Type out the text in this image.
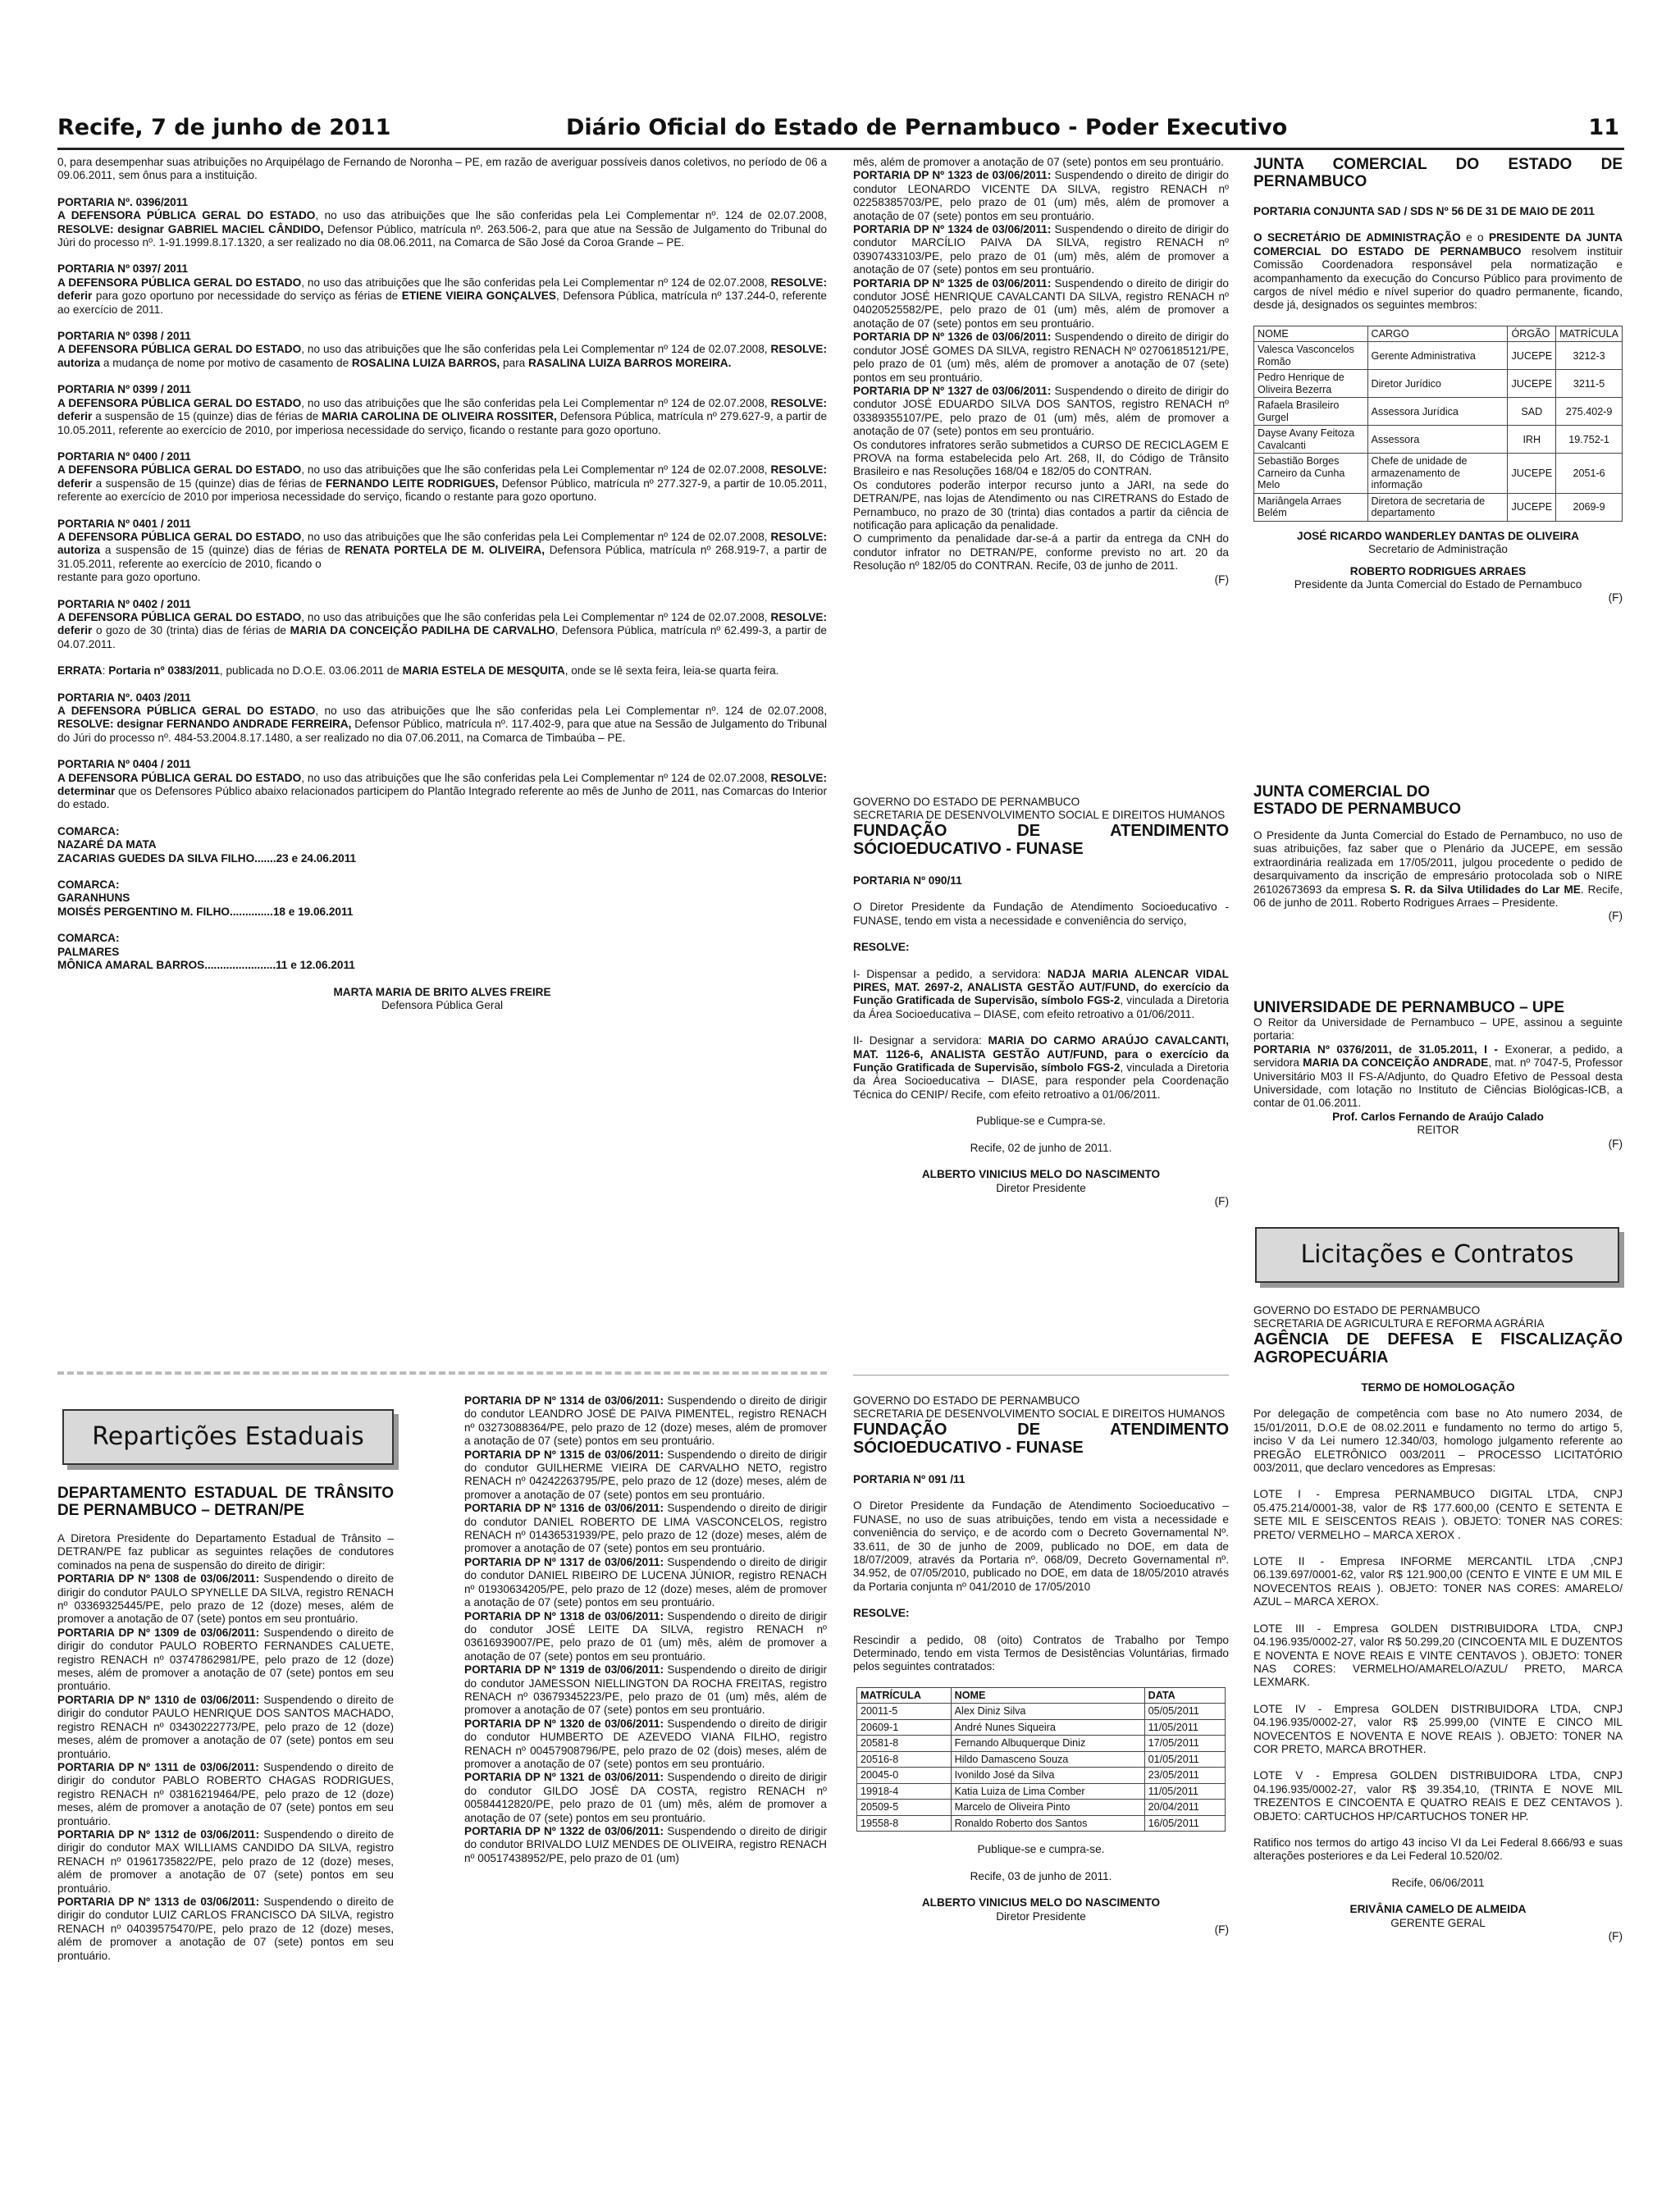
Recife, 7 de junho de 2011	Diário Oficial do Estado de Pernambuco - Poder Executivo	11

0, para desempenhar suas atribuições no Arquipélago de Fernando de Noronha – PE, em razão de averiguar possíveis danos coletivos, no período de 06 a 09.06.2011, sem ônus para a instituição.

PORTARIA Nº. 0396/2011
A DEFENSORA PÚBLICA GERAL DO ESTADO, no uso das atribuições que lhe são conferidas pela Lei Complementar nº. 124 de 02.07.2008, RESOLVE: designar GABRIEL MACIEL CÂNDIDO, Defensor Público, matrícula nº. 263.506-2, para que atue na Sessão de Julgamento do Tribunal do Júri do processo nº. 1-91.1999.8.17.1320, a ser realizado no dia 08.06.2011, na Comarca de São José da Coroa Grande – PE.

PORTARIA Nº 0397/ 2011
A DEFENSORA PÚBLICA GERAL DO ESTADO, no uso das atribuições que lhe são conferidas pela Lei Complementar nº 124 de 02.07.2008, RESOLVE: deferir para gozo oportuno por necessidade do serviço as férias de ETIENE VIEIRA GONÇALVES, Defensora Pública, matrícula nº 137.244-0, referente ao exercício de 2011.

PORTARIA Nº 0398 / 2011
A DEFENSORA PÚBLICA GERAL DO ESTADO, no uso das atribuições que lhe são conferidas pela Lei Complementar nº 124 de 02.07.2008, RESOLVE: autoriza a mudança de nome por motivo de casamento de ROSALINA LUIZA BARROS, para RASALINA LUIZA BARROS MOREIRA.

PORTARIA Nº 0399 / 2011
A DEFENSORA PÚBLICA GERAL DO ESTADO, no uso das atribuições que lhe são conferidas pela Lei Complementar nº 124 de 02.07.2008, RESOLVE: deferir a suspensão de 15 (quinze) dias de férias de MARIA CAROLINA DE OLIVEIRA ROSSITER, Defensora Pública, matrícula nº 279.627-9, a partir de 10.05.2011, referente ao exercício de 2010, por imperiosa necessidade do serviço, ficando o restante para gozo oportuno.

PORTARIA Nº 0400 / 2011
A DEFENSORA PÚBLICA GERAL DO ESTADO, no uso das atribuições que lhe são conferidas pela Lei Complementar nº 124 de 02.07.2008, RESOLVE: deferir a suspensão de 15 (quinze) dias de férias de FERNANDO LEITE RODRIGUES, Defensor Público, matrícula nº 277.327-9, a partir de 10.05.2011, referente ao exercício de 2010 por imperiosa necessidade do serviço, ficando o restante para gozo oportuno.

PORTARIA Nº 0401 / 2011
A DEFENSORA PÚBLICA GERAL DO ESTADO, no uso das atribuições que lhe são conferidas pela Lei Complementar nº 124 de 02.07.2008, RESOLVE: autoriza a suspensão de 15 (quinze) dias de férias de RENATA PORTELA DE M. OLIVEIRA, Defensora Pública, matrícula nº 268.919-7, a partir de 31.05.2011, referente ao exercício de 2010, ficando o
restante para gozo oportuno.

PORTARIA Nº 0402 / 2011
A DEFENSORA PÚBLICA GERAL DO ESTADO, no uso das atribuições que lhe são conferidas pela Lei Complementar nº 124 de 02.07.2008, RESOLVE: deferir o gozo de 30 (trinta) dias de férias de MARIA DA CONCEIÇÃO PADILHA DE CARVALHO, Defensora Pública, matrícula nº 62.499-3, a partir de 04.07.2011.

ERRATA: Portaria nº 0383/2011, publicada no D.O.E. 03.06.2011 de MARIA ESTELA DE MESQUITA, onde se lê sexta feira, leia-se quarta feira.

PORTARIA Nº. 0403 /2011
A DEFENSORA PÚBLICA GERAL DO ESTADO, no uso das atribuições que lhe são conferidas pela Lei Complementar nº. 124 de 02.07.2008, RESOLVE: designar FERNANDO ANDRADE FERREIRA, Defensor Público, matrícula nº. 117.402-9, para que atue na Sessão de Julgamento do Tribunal do Júri do processo nº. 484-53.2004.8.17.1480, a ser realizado no dia 07.06.2011, na Comarca de Timbaúba – PE.

PORTARIA Nº 0404 / 2011
A DEFENSORA PÚBLICA GERAL DO ESTADO, no uso das atribuições que lhe são conferidas pela Lei Complementar nº 124 de 02.07.2008, RESOLVE: determinar que os Defensores Público abaixo relacionados participem do Plantão Integrado referente ao mês de Junho de 2011, nas Comarcas do Interior do estado.

COMARCA:
NAZARÉ DA MATA
ZACARIAS GUEDES DA SILVA FILHO.......23 e 24.06.2011

COMARCA:
GARANHUNS
MOISÉS PERGENTINO M. FILHO..............18 e 19.06.2011

COMARCA:
PALMARES
MÔNICA AMARAL BARROS.......................11 e 12.06.2011

MARTA MARIA DE BRITO ALVES FREIRE
Defensora Pública Geral

Repartições Estaduais

DEPARTAMENTO ESTADUAL DE TRÂNSITO DE PERNAMBUCO – DETRAN/PE

A Diretora Presidente do Departamento Estadual de Trânsito – DETRAN/PE faz publicar as seguintes relações de condutores cominados na pena de suspensão do direito de dirigir:

PORTARIA DP Nº 1308 de 03/06/2011: Suspendendo o direito de dirigir do condutor PAULO SPYNELLE DA SILVA, registro RENACH nº 03369325445/PE, pelo prazo de 12 (doze) meses, além de promover a anotação de 07 (sete) pontos em seu prontuário.

PORTARIA DP Nº 1309 de 03/06/2011: Suspendendo o direito de dirigir do condutor PAULO ROBERTO FERNANDES CALUETE, registro RENACH nº 03747862981/PE, pelo prazo de 12 (doze) meses, além de promover a anotação de 07 (sete) pontos em seu prontuário.

PORTARIA DP Nº 1310 de 03/06/2011: Suspendendo o direito de dirigir do condutor PAULO HENRIQUE DOS SANTOS MACHADO, registro RENACH nº 03430222773/PE, pelo prazo de 12 (doze) meses, além de promover a anotação de 07 (sete) pontos em seu prontuário.

PORTARIA DP Nº 1311 de 03/06/2011: Suspendendo o direito de dirigir do condutor PABLO ROBERTO CHAGAS RODRIGUES, registro RENACH nº 03816219464/PE, pelo prazo de 12 (doze) meses, além de promover a anotação de 07 (sete) pontos em seu prontuário.

PORTARIA DP Nº 1312 de 03/06/2011: Suspendendo o direito de dirigir do condutor MAX WILLIAMS CANDIDO DA SILVA, registro RENACH nº 01961735822/PE, pelo prazo de 12 (doze) meses, além de promover a anotação de 07 (sete) pontos em seu prontuário.

PORTARIA DP Nº 1313 de 03/06/2011: Suspendendo o direito de dirigir do condutor LUIZ CARLOS FRANCISCO DA SILVA, registro RENACH nº 04039575470/PE, pelo prazo de 12 (doze) meses, além de promover a anotação de 07 (sete) pontos em seu prontuário.

PORTARIA DP Nº 1314 de 03/06/2011: Suspendendo o direito de dirigir do condutor LEANDRO JOSÉ DE PAIVA PIMENTEL, registro RENACH nº 03273088364/PE, pelo prazo de 12 (doze) meses, além de promover a anotação de 07 (sete) pontos em seu prontuário.

PORTARIA DP Nº 1315 de 03/06/2011: Suspendendo o direito de dirigir do condutor GUILHERME VIEIRA DE CARVALHO NETO, registro RENACH nº 04242263795/PE, pelo prazo de 12 (doze) meses, além de promover a anotação de 07 (sete) pontos em seu prontuário.

PORTARIA DP Nº 1316 de 03/06/2011: Suspendendo o direito de dirigir do condutor DANIEL ROBERTO DE LIMA VASCONCELOS, registro RENACH nº 01436531939/PE, pelo prazo de 12 (doze) meses, além de promover a anotação de 07 (sete) pontos em seu prontuário.

PORTARIA DP Nº 1317 de 03/06/2011: Suspendendo o direito de dirigir do condutor DANIEL RIBEIRO DE LUCENA JÚNIOR, registro RENACH nº 01930634205/PE, pelo prazo de 12 (doze) meses, além de promover a anotação de 07 (sete) pontos em seu prontuário.

PORTARIA DP Nº 1318 de 03/06/2011: Suspendendo o direito de dirigir do condutor JOSÉ LEITE DA SILVA, registro RENACH nº 03616939007/PE, pelo prazo de 01 (um) mês, além de promover a anotação de 07 (sete) pontos em seu prontuário.

PORTARIA DP Nº 1319 de 03/06/2011: Suspendendo o direito de dirigir do condutor JAMESSON NIELLINGTON DA ROCHA FREITAS, registro RENACH nº 03679345223/PE, pelo prazo de 01 (um) mês, além de promover a anotação de 07 (sete) pontos em seu prontuário.

PORTARIA DP Nº 1320 de 03/06/2011: Suspendendo o direito de dirigir do condutor HUMBERTO DE AZEVEDO VIANA FILHO, registro RENACH nº 00457908796/PE, pelo prazo de 02 (dois) meses, além de promover a anotação de 07 (sete) pontos em seu prontuário.

PORTARIA DP Nº 1321 de 03/06/2011: Suspendendo o direito de dirigir do condutor GILDO JOSÉ DA COSTA, registro RENACH nº 00584412820/PE, pelo prazo de 01 (um) mês, além de promover a anotação de 07 (sete) pontos em seu prontuário.

PORTARIA DP Nº 1322 de 03/06/2011: Suspendendo o direito de dirigir do condutor BRIVALDO LUIZ MENDES DE OLIVEIRA, registro RENACH nº 00517438952/PE, pelo prazo de 01 (um)

mês, além de promover a anotação de 07 (sete) pontos em seu prontuário.

PORTARIA DP Nº 1323 de 03/06/2011: Suspendendo o direito de dirigir do condutor LEONARDO VICENTE DA SILVA, registro RENACH nº 02258385703/PE, pelo prazo de 01 (um) mês, além de promover a anotação de 07 (sete) pontos em seu prontuário.

PORTARIA DP Nº 1324 de 03/06/2011: Suspendendo o direito de dirigir do condutor MARCÍLIO PAIVA DA SILVA, registro RENACH nº 03907433103/PE, pelo prazo de 01 (um) mês, além de promover a anotação de 07 (sete) pontos em seu prontuário.

PORTARIA DP Nº 1325 de 03/06/2011: Suspendendo o direito de dirigir do condutor JOSÉ HENRIQUE CAVALCANTI DA SILVA, registro RENACH nº 04020525582/PE, pelo prazo de 01 (um) mês, além de promover a anotação de 07 (sete) pontos em seu prontuário.

PORTARIA DP Nº 1326 de 03/06/2011: Suspendendo o direito de dirigir do condutor JOSÉ GOMES DA SILVA, registro RENACH Nº 02706185121/PE, pelo prazo de 01 (um) mês, além de promover a anotação de 07 (sete) pontos em seu prontuário.

PORTARIA DP Nº 1327 de 03/06/2011: Suspendendo o direito de dirigir do condutor JOSÉ EDUARDO SILVA DOS SANTOS, registro RENACH nº 03389355107/PE, pelo prazo de 01 (um) mês, além de promover a anotação de 07 (sete) pontos em seu prontuário.

Os condutores infratores serão submetidos a CURSO DE RECICLAGEM E PROVA na forma estabelecida pelo Art. 268, II, do Código de Trânsito Brasileiro e nas Resoluções 168/04 e 182/05 do CONTRAN.

Os condutores poderão interpor recurso junto a JARI, na sede do DETRAN/PE, nas lojas de Atendimento ou nas CIRETRANS do Estado de Pernambuco, no prazo de 30 (trinta) dias contados a partir da ciência de notificação para aplicação da penalidade.

O cumprimento da penalidade dar-se-á a partir da entrega da CNH do condutor infrator no DETRAN/PE, conforme previsto no art. 20 da Resolução nº 182/05 do CONTRAN. Recife, 03 de junho de 2011.

(F)

GOVERNO DO ESTADO DE PERNAMBUCO

SECRETARIA DE DESENVOLVIMENTO SOCIAL E DIREITOS HUMANOS

FUNDAÇÃO DE ATENDIMENTO SÓCIOEDUCATIVO - FUNASE

PORTARIA Nº 090/11

O Diretor Presidente da Fundação de Atendimento Socioeducativo - FUNASE, tendo em vista a necessidade e conveniência do serviço,

RESOLVE:

I- Dispensar a pedido, a servidora: NADJA MARIA ALENCAR VIDAL PIRES, MAT. 2697-2, ANALISTA GESTÃO AUT/FUND, do exercício da Função Gratificada de Supervisão, símbolo FGS-2, vinculada a Diretoria da Área Socioeducativa – DIASE, com efeito retroativo a 01/06/2011.

II- Designar a servidora: MARIA DO CARMO ARAÚJO CAVALCANTI, MAT. 1126-6, ANALISTA GESTÃO AUT/FUND, para o exercício da Função Gratificada de Supervisão, símbolo FGS-2, vinculada a Diretoria da Área Socioeducativa – DIASE, para responder pela Coordenação Técnica do CENIP/ Recife, com efeito retroativo a 01/06/2011.

Publique-se e Cumpra-se.

Recife, 02 de junho de 2011.

ALBERTO VINICIUS MELO DO NASCIMENTO
Diretor Presidente

(F)

GOVERNO DO ESTADO DE PERNAMBUCO

SECRETARIA DE DESENVOLVIMENTO SOCIAL E DIREITOS HUMANOS

FUNDAÇÃO DE ATENDIMENTO SÓCIOEDUCATIVO - FUNASE

PORTARIA Nº 091 /11

O Diretor Presidente da Fundação de Atendimento Socioeducativo – FUNASE, no uso de suas atribuições, tendo em vista a necessidade e conveniência do serviço, e de acordo com o Decreto Governamental Nº. 33.611, de 30 de junho de 2009, publicado no DOE, em data de 18/07/2009, através da Portaria nº. 068/09, Decreto Governamental nº. 34.952, de 07/05/2010, publicado no DOE, em data de 18/05/2010 através da Portaria conjunta nº 041/2010 de 17/05/2010

RESOLVE:

Rescindir a pedido, 08 (oito) Contratos de Trabalho por Tempo Determinado, tendo em vista Termos de Desistências Voluntárias, firmado pelos seguintes contratados:

MATRÍCULA	NOME	DATA
20011-5	Alex Diniz Silva	05/05/2011
20609-1	André Nunes Siqueira	11/05/2011
20581-8	Fernando Albuquerque Diniz	17/05/2011
20516-8	Hildo Damasceno Souza	01/05/2011
20045-0	Ivonildo José da Silva	23/05/2011
19918-4	Katia Luiza de Lima Comber	11/05/2011
20509-5	Marcelo de Oliveira Pinto	20/04/2011
19558-8	Ronaldo Roberto dos Santos	16/05/2011

Publique-se e cumpra-se.

Recife, 03 de junho de 2011.

ALBERTO VINICIUS MELO DO NASCIMENTO
Diretor Presidente

(F)

JUNTA COMERCIAL DO ESTADO DE PERNAMBUCO

PORTARIA CONJUNTA SAD / SDS Nº 56 DE 31 DE MAIO DE 2011

O SECRETÁRIO DE ADMINISTRAÇÃO e o PRESIDENTE DA JUNTA COMERCIAL DO ESTADO DE PERNAMBUCO resolvem instituir Comissão Coordenadora responsável pela normatização e acompanhamento da execução do Concurso Público para provimento de cargos de nível médio e nível superior do quadro permanente, ficando, desde já, designados os seguintes membros:

NOME	CARGO	ÓRGÃO	MATRÍCULA
Valesca Vasconcelos Romão	Gerente Administrativa	JUCEPE	3212-3
Pedro Henrique de Oliveira Bezerra	Diretor Jurídico	JUCEPE	3211-5
Rafaela Brasileiro Gurgel	Assessora Jurídica	SAD	275.402-9
Dayse Avany Feitoza Cavalcanti	Assessora	IRH	19.752-1
Sebastião Borges Carneiro da Cunha Melo	Chefe de unidade de armazenamento de informação	JUCEPE	2051-6
Mariângela Arraes Belém	Diretora de secretaria de departamento	JUCEPE	2069-9

JOSÉ RICARDO WANDERLEY DANTAS DE OLIVEIRA
Secretario de Administração

ROBERTO RODRIGUES ARRAES
Presidente da Junta Comercial do Estado de Pernambuco

(F)

JUNTA COMERCIAL DO

ESTADO DE PERNAMBUCO

O Presidente da Junta Comercial do Estado de Pernambuco, no uso de suas atribuições, faz saber que o Plenário da JUCEPE, em sessão extraordinária realizada em 17/05/2011, julgou procedente o pedido de desarquivamento da inscrição de empresário protocolada sob o NIRE 26102673693 da empresa S. R. da Silva Utilidades do Lar ME. Recife, 06 de junho de 2011. Roberto Rodrigues Arraes – Presidente.

(F)

UNIVERSIDADE DE PERNAMBUCO – UPE

O Reitor da Universidade de Pernambuco – UPE, assinou a seguinte portaria:

PORTARIA Nº 0376/2011, de 31.05.2011, I - Exonerar, a pedido, a servidora MARIA DA CONCEIÇÃO ANDRADE, mat. nº 7047-5, Professor Universitário M03 II FS-A/Adjunto, do Quadro Efetivo de Pessoal desta Universidade, com lotação no Instituto de Ciências Biológicas-ICB, a contar de 01.06.2011.

Prof. Carlos Fernando de Araújo Calado
REITOR

(F)

Licitações e Contratos

GOVERNO DO ESTADO DE PERNAMBUCO

SECRETARIA DE AGRICULTURA E REFORMA AGRÁRIA

AGÊNCIA DE DEFESA E FISCALIZAÇÃO AGROPECUÁRIA

TERMO DE HOMOLOGAÇÃO

Por delegação de competência com base no Ato numero 2034, de 15/01/2011, D.O.E de 08.02.2011 e fundamento no termo do artigo 5, inciso V da Lei numero 12.340/03, homologo julgamento referente ao PREGÃO ELETRÔNICO 003/2011 – PROCESSO LICITATÓRIO 003/2011, que declaro vencedores as Empresas:

LOTE I - Empresa PERNAMBUCO DIGITAL LTDA, CNPJ 05.475.214/0001-38, valor de R$ 177.600,00 (CENTO E SETENTA E SETE MIL E SEISCENTOS REAIS ). OBJETO: TONER NAS CORES: PRETO/ VERMELHO – MARCA XEROX .

LOTE II - Empresa INFORME MERCANTIL LTDA ,CNPJ 06.139.697/0001-62, valor R$ 121.900,00 (CENTO E VINTE E UM MIL E NOVECENTOS REAIS ). OBJETO: TONER NAS CORES: AMARELO/ AZUL – MARCA XEROX.

LOTE III - Empresa GOLDEN DISTRIBUIDORA LTDA, CNPJ 04.196.935/0002-27, valor R$ 50.299,20 (CINCOENTA MIL E DUZENTOS E NOVENTA E NOVE REAIS E VINTE CENTAVOS ). OBJETO: TONER NAS CORES: VERMELHO/AMARELO/AZUL/ PRETO, MARCA LEXMARK.

LOTE IV - Empresa GOLDEN DISTRIBUIDORA LTDA, CNPJ 04.196.935/0002-27, valor R$ 25.999,00 (VINTE E CINCO MIL NOVECENTOS E NOVENTA E NOVE REAIS ). OBJETO: TONER NA COR PRETO, MARCA BROTHER.

LOTE V - Empresa GOLDEN DISTRIBUIDORA LTDA, CNPJ 04.196.935/0002-27, valor R$ 39.354,10, (TRINTA E NOVE MIL TREZENTOS E CINCOENTA E QUATRO REAIS E DEZ CENTAVOS ). OBJETO: CARTUCHOS HP/CARTUCHOS TONER HP.

Ratifico nos termos do artigo 43 inciso VI da Lei Federal 8.666/93 e suas alterações posteriores e da Lei Federal 10.520/02.

Recife, 06/06/2011

ERIVÂNIA CAMELO DE ALMEIDA
GERENTE GERAL

(F)
